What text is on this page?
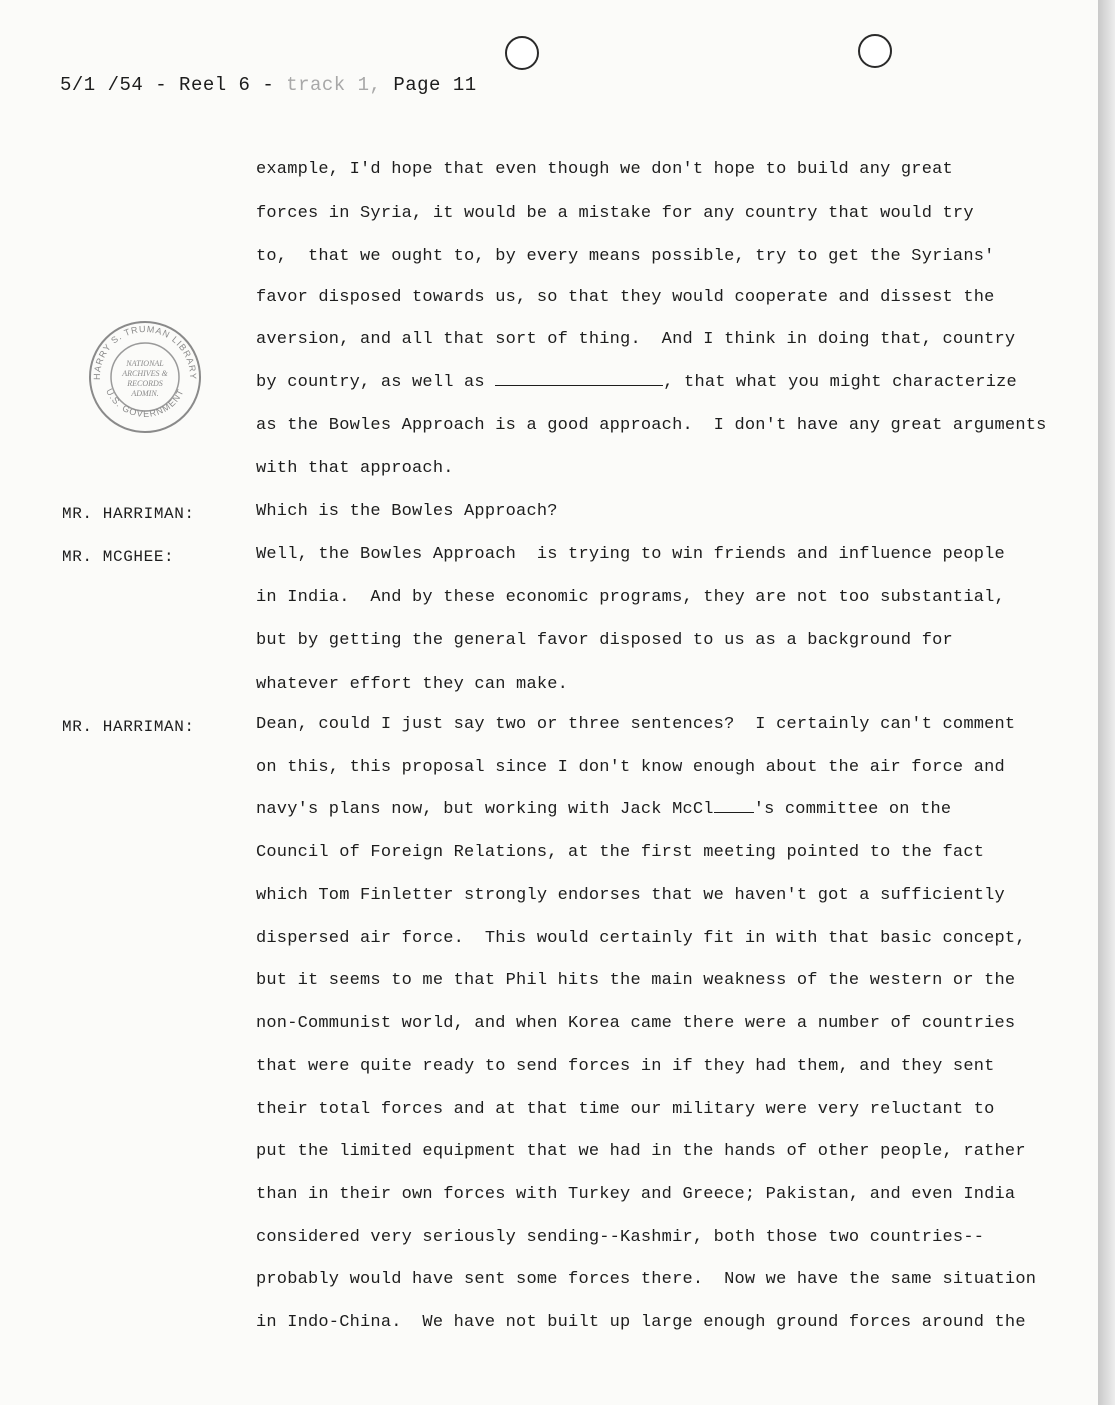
5/1 /54 - Reel 6 - track 1, Page 11
HARRY S. TRUMAN LIBRARY
U.S. GOVERNMENT
NATIONAL
ARCHIVES &
RECORDS
ADMIN.
example, I'd hope that even though we don't hope to build any great
forces in Syria, it would be a mistake for any country that would try
to,  that we ought to, by every means possible, try to get the Syrians'
favor disposed towards us, so that they would cooperate and dissest the
aversion, and all that sort of thing.  And I think in doing that, country
by country, as well as	, that what you might characterize
as the Bowles Approach is a good approach.  I don't have any great arguments
with that approach.
MR. HARRIMAN:	Which is the Bowles Approach?
MR. MCGHEE:	Well, the Bowles Approach  is trying to win friends and influence people
in India.  And by these economic programs, they are not too substantial,
but by getting the general favor disposed to us as a background for
whatever effort they can make.
MR. HARRIMAN:	Dean, could I just say two or three sentences?  I certainly can't comment
on this, this proposal since I don't know enough about the air force and
navy's plans now, but working with Jack McCl 's committee on the
Council of Foreign Relations, at the first meeting pointed to the fact
which Tom Finletter strongly endorses that we haven't got a sufficiently
dispersed air force.  This would certainly fit in with that basic concept,
but it seems to me that Phil hits the main weakness of the western or the
non-Communist world, and when Korea came there were a number of countries
that were quite ready to send forces in if they had them, and they sent
their total forces and at that time our military were very reluctant to
put the limited equipment that we had in the hands of other people, rather
than in their own forces with Turkey and Greece; Pakistan, and even India
considered very seriously sending--Kashmir, both those two countries--
probably would have sent some forces there.  Now we have the same situation
in Indo-China.  We have not built up large enough ground forces around the
